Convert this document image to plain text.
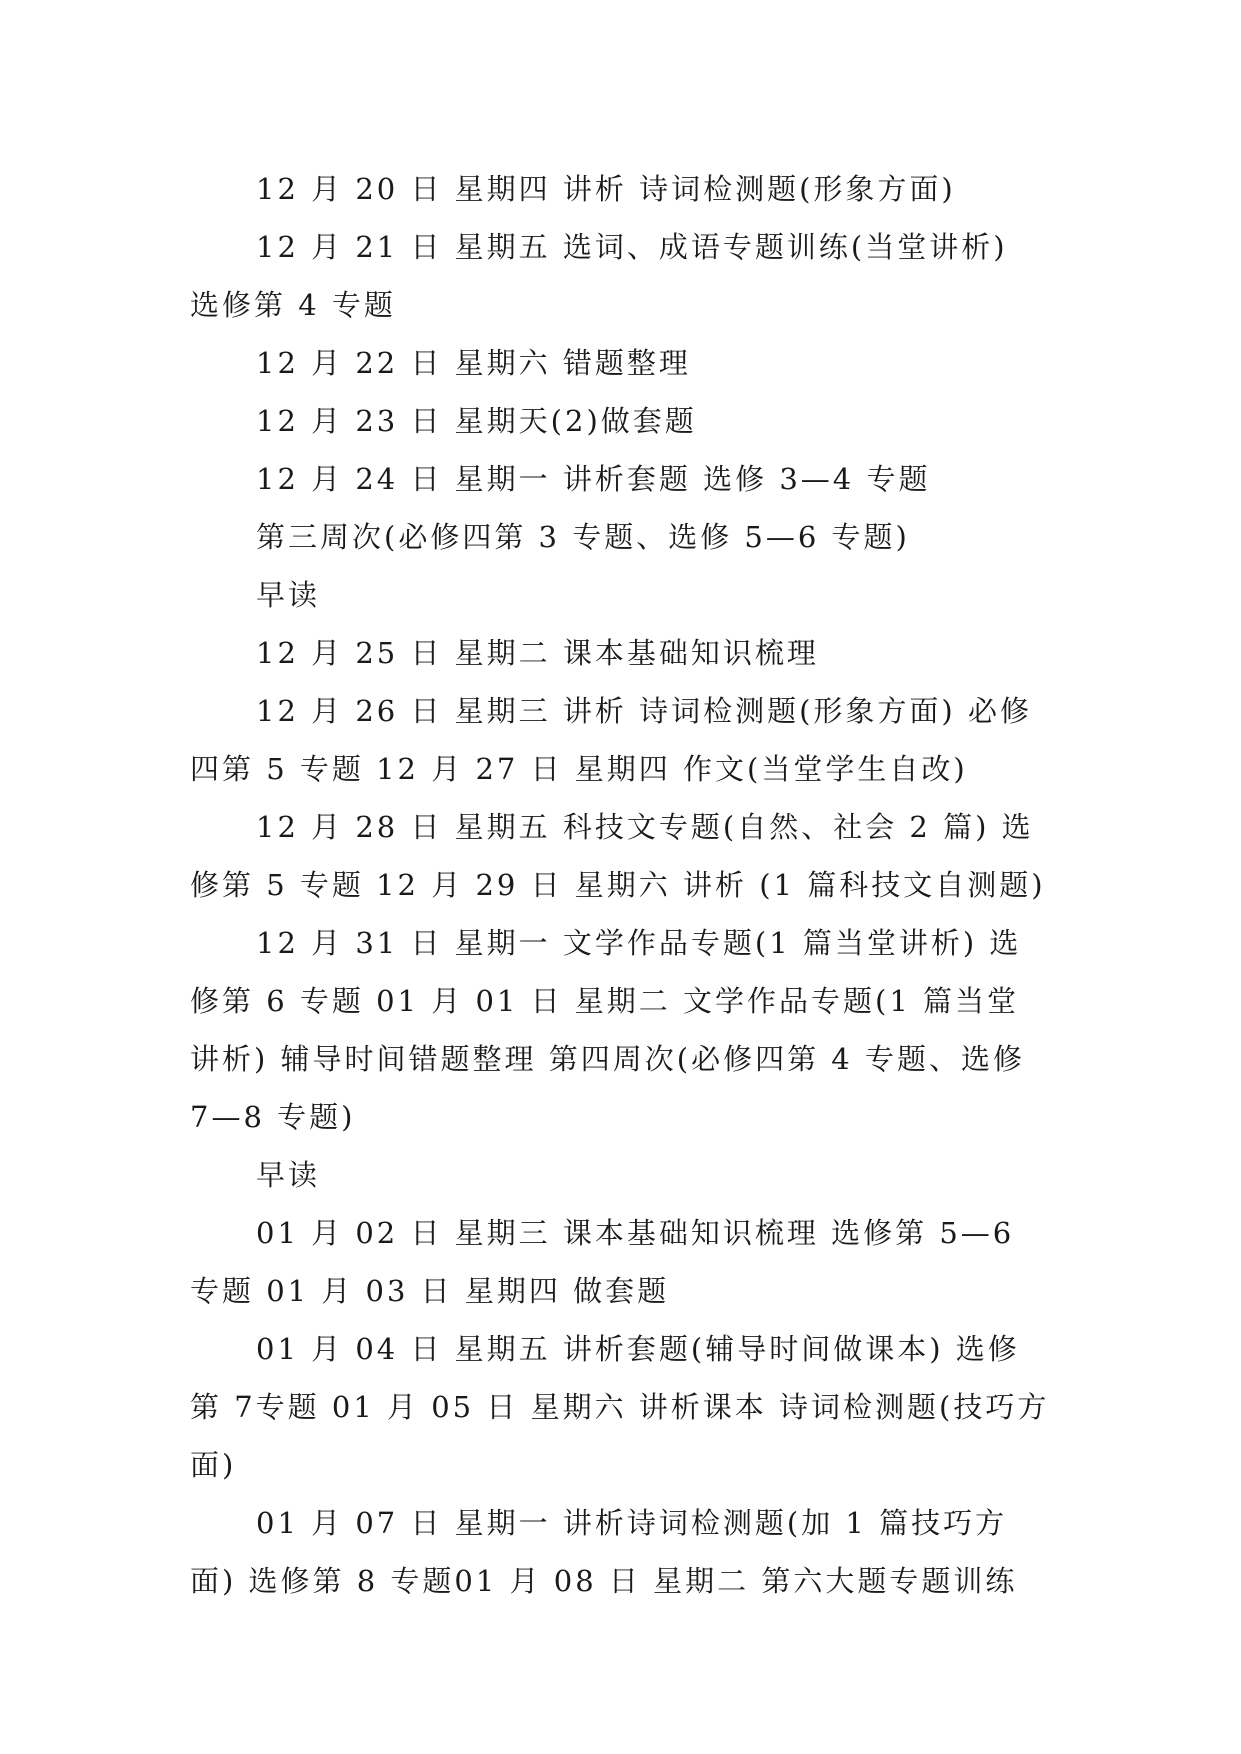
12 月 20 日 星期四 讲析 诗词检测题(形象方面)

12 月 21 日 星期五 选词、成语专题训练(当堂讲析) 选修第 4 专题

12 月 22 日 星期六 错题整理

12 月 23 日 星期天(2)做套题

12 月 24 日 星期一 讲析套题 选修 3—4 专题

第三周次(必修四第 3 专题、选修 5—6 专题)

早读

12 月 25 日 星期二 课本基础知识梳理

12 月 26 日 星期三 讲析 诗词检测题(形象方面) 必修四第 5 专题 12 月 27 日 星期四 作文(当堂学生自改)

12 月 28 日 星期五 科技文专题(自然、社会 2 篇) 选修第 5 专题 12 月 29 日 星期六 讲析 (1 篇科技文自测题)

12 月 31 日 星期一 文学作品专题(1 篇当堂讲析) 选修第 6 专题 01 月 01 日 星期二 文学作品专题(1 篇当堂讲析) 辅导时间错题整理 第四周次(必修四第 4 专题、选修 7—8 专题)

早读

01 月 02 日 星期三 课本基础知识梳理 选修第 5—6 专题 01 月 03 日 星期四 做套题

01 月 04 日 星期五 讲析套题(辅导时间做课本) 选修第 7专题 01 月 05 日 星期六 讲析课本 诗词检测题(技巧方面)

01 月 07 日 星期一 讲析诗词检测题(加 1 篇技巧方面) 选修第 8 专题01 月 08 日 星期二 第六大题专题训练
